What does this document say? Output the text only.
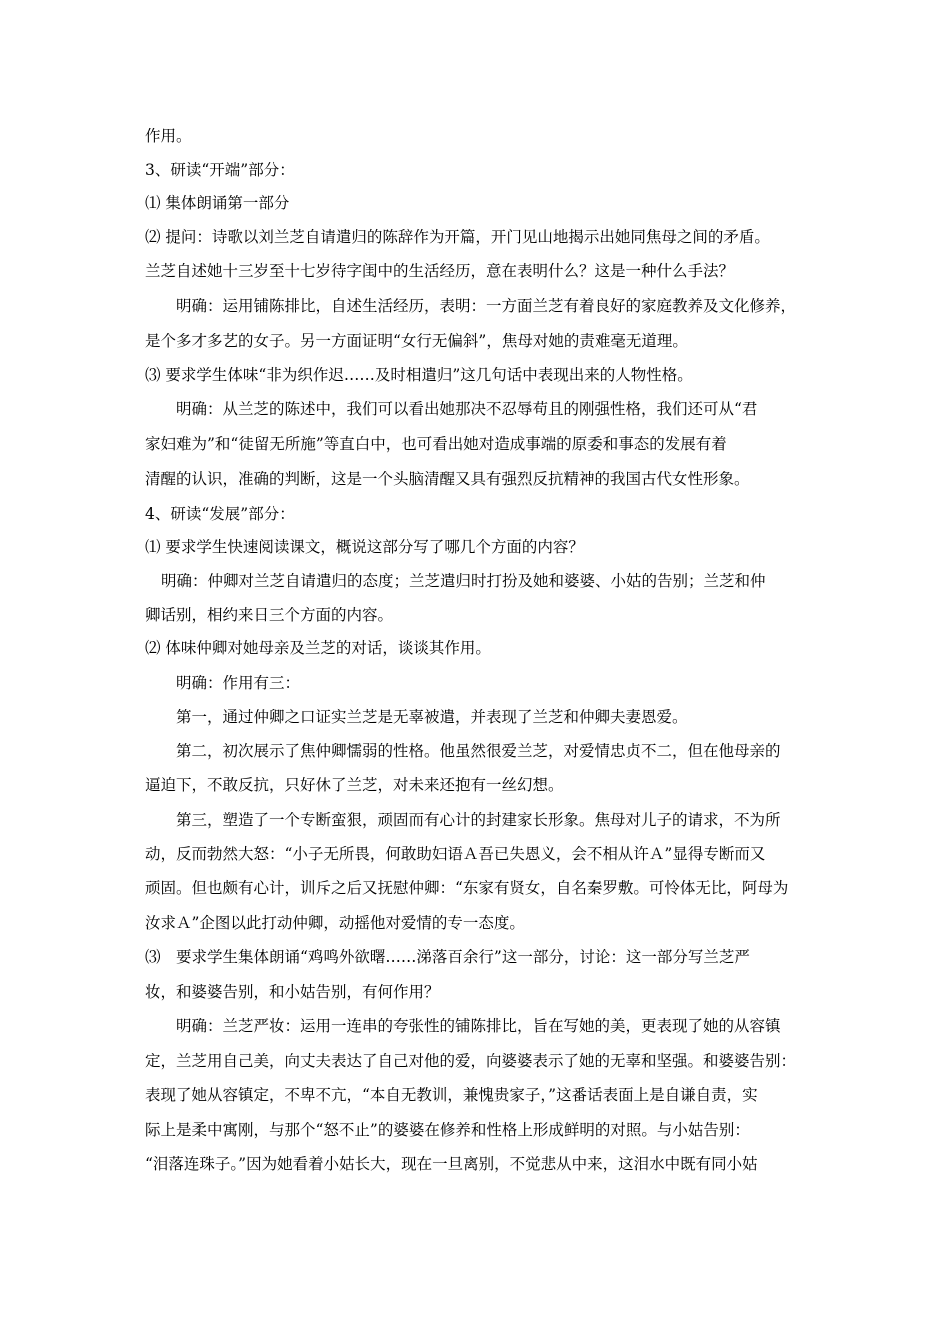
作用。
3、研读“开端”部分：
⑴ 集体朗诵第一部分
⑵ 提问：诗歌以刘兰芝自请遣归的陈辞作为开篇，开门见山地揭示出她同焦母之间的矛盾。
兰芝自述她十三岁至十七岁待字闺中的生活经历，意在表明什么？这是一种什么手法？
明确：运用铺陈排比，自述生活经历，表明：一方面兰芝有着良好的家庭教养及文化修养，
是个多才多艺的女子。另一方面证明“女行无偏斜”，焦母对她的责难毫无道理。
⑶ 要求学生体味“非为织作迟……及时相遣归”这几句话中表现出来的人物性格。
明确：从兰芝的陈述中，我们可以看出她那决不忍辱苟且的刚强性格，我们还可从“君
家妇难为”和“徒留无所施”等直白中，也可看出她对造成事端的原委和事态的发展有着
清醒的认识，准确的判断，这是一个头脑清醒又具有强烈反抗精神的我国古代女性形象。
4、研读“发展”部分：
⑴ 要求学生快速阅读课文，概说这部分写了哪几个方面的内容？
明确：仲卿对兰芝自请遣归的态度；兰芝遣归时打扮及她和婆婆、小姑的告别；兰芝和仲
卿话别，相约来日三个方面的内容。
⑵ 体味仲卿对她母亲及兰芝的对话，谈谈其作用。
明确：作用有三：
第一，通过仲卿之口证实兰芝是无辜被遣，并表现了兰芝和仲卿夫妻恩爱。
第二，初次展示了焦仲卿懦弱的性格。他虽然很爱兰芝，对爱情忠贞不二，但在他母亲的
逼迫下，不敢反抗，只好休了兰芝，对未来还抱有一丝幻想。
第三，塑造了一个专断蛮狠，顽固而有心计的封建家长形象。焦母对儿子的请求，不为所
动，反而勃然大怒：“小子无所畏，何敢助妇语Ａ吾已失恩义，会不相从许Ａ”显得专断而又
顽固。但也颇有心计，训斥之后又抚慰仲卿：“东家有贤女，自名秦罗敷。可怜体无比，阿母为
汝求Ａ”企图以此打动仲卿，动摇他对爱情的专一态度。
⑶　要求学生集体朗诵“鸡鸣外欲曙……涕落百余行”这一部分，讨论：这一部分写兰芝严
妆，和婆婆告别，和小姑告别，有何作用？
明确：兰芝严妆：运用一连串的夸张性的铺陈排比，旨在写她的美，更表现了她的从容镇
定，兰芝用自己美，向丈夫表达了自己对他的爱，向婆婆表示了她的无辜和坚强。和婆婆告别：
表现了她从容镇定，不卑不亢，“本自无教训，兼愧贵家子，”这番话表面上是自谦自责，实
际上是柔中寓刚，与那个“怒不止”的婆婆在修养和性格上形成鲜明的对照。与小姑告别：
“泪落连珠子。”因为她看着小姑长大，现在一旦离别，不觉悲从中来，这泪水中既有同小姑
